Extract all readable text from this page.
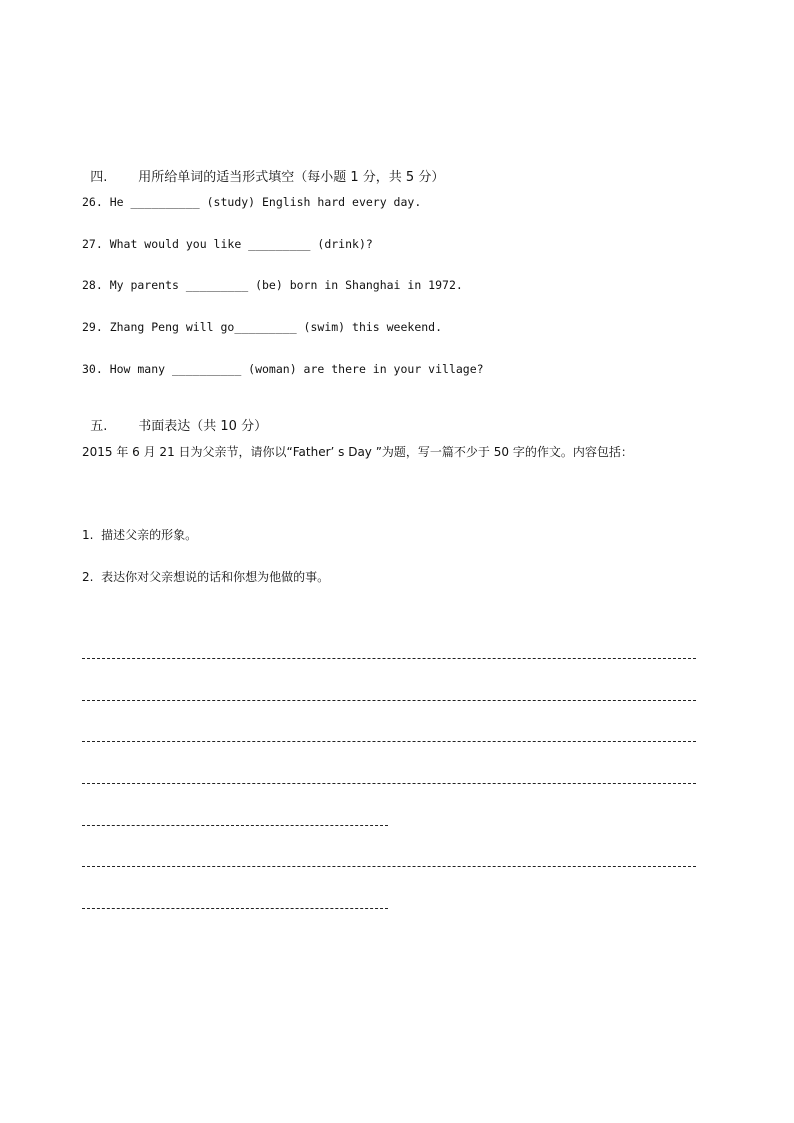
四. 用所给单词的适当形式填空（每小题 1 分，共 5 分）

26. He __________ (study) English hard every day.
27. What would you like _________ (drink)?
28. My parents _________ (be) born in Shanghai in 1972.
29. Zhang Peng will go_________ (swim) this weekend.
30. How many __________ (woman) are there in your village?

五. 书面表达（共 10 分）

2015 年 6 月 21 日为父亲节，请你以“Father’ s Day ”为题，写一篇不少于 50 字的作文。内容包括：
1.  描述父亲的形象。
2.  表达你对父亲想说的话和你想为他做的事。
